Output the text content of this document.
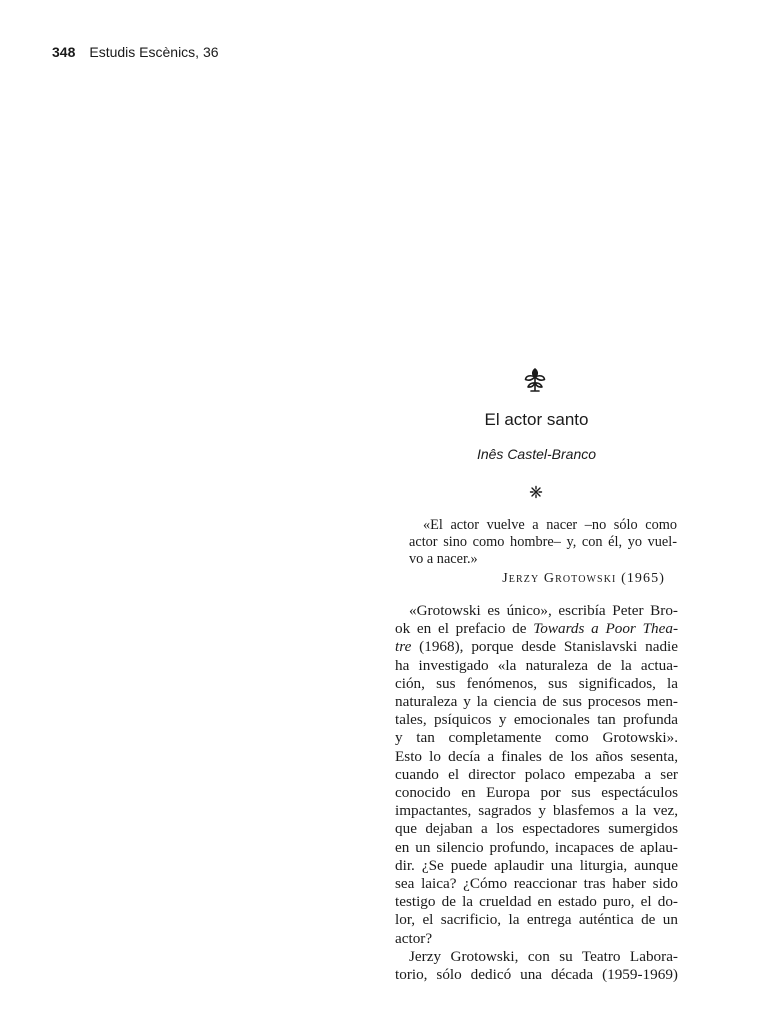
348 Estudis Escènics, 36
El actor santo
Inês Castel-Branco
«El actor vuelve a nacer –no sólo como
actor sino como hombre– y, con él, yo vuel-
vo a nacer.»
Jerzy Grotowski (1965)
«Grotowski es único», escribía Peter Bro-
ok en el prefacio de Towards a Poor Thea-
tre (1968), porque desde Stanislavski nadie
ha investigado «la naturaleza de la actua-
ción, sus fenómenos, sus significados, la
naturaleza y la ciencia de sus procesos men-
tales, psíquicos y emocionales tan profunda
y tan completamente como Grotowski».
Esto lo decía a finales de los años sesenta,
cuando el director polaco empezaba a ser
conocido en Europa por sus espectáculos
impactantes, sagrados y blasfemos a la vez,
que dejaban a los espectadores sumergidos
en un silencio profundo, incapaces de aplau-
dir. ¿Se puede aplaudir una liturgia, aunque
sea laica? ¿Cómo reaccionar tras haber sido
testigo de la crueldad en estado puro, el do-
lor, el sacrificio, la entrega auténtica de un
actor?
Jerzy Grotowski, con su Teatro Labora-
torio, sólo dedicó una década (1959-1969)
